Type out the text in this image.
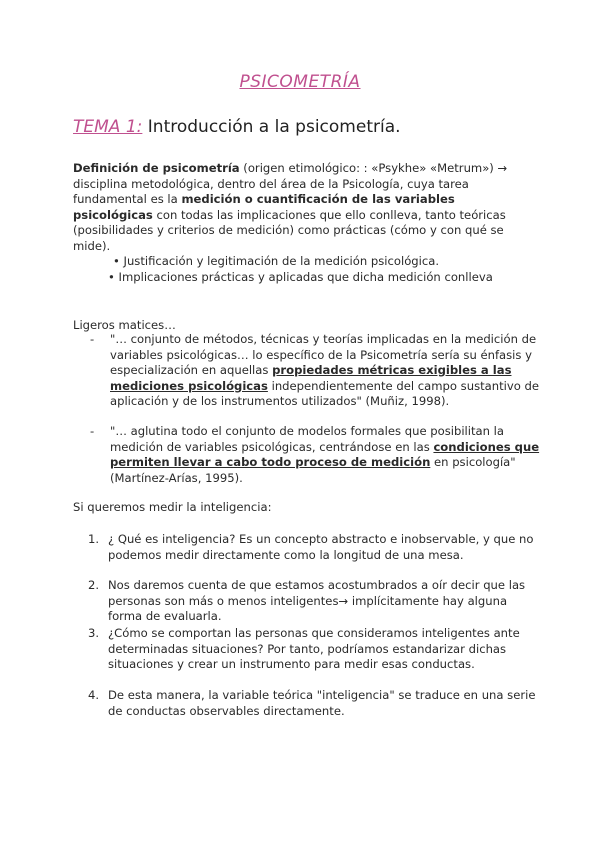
PSICOMETRÍA
TEMA 1: Introducción a la psicometría.
Definición de psicometría (origen etimológico: : «Psykhe» «Metrum») → disciplina metodológica, dentro del área de la Psicología, cuya tarea fundamental es la medición o cuantificación de las variables psicológicas con todas las implicaciones que ello conlleva, tanto teóricas (posibilidades y criterios de medición) como prácticas (cómo y con qué se mide).
• Justificación y legitimación de la medición psicológica.
• Implicaciones prácticas y aplicadas que dicha medición conlleva
Ligeros matices…
- "… conjunto de métodos, técnicas y teorías implicadas en la medición de variables psicológicas… lo específico de la Psicometría sería su énfasis y especialización en aquellas propiedades métricas exigibles a las mediciones psicológicas independientemente del campo sustantivo de aplicación y de los instrumentos utilizados" (Muñiz, 1998).
- "… aglutina todo el conjunto de modelos formales que posibilitan la medición de variables psicológicas, centrándose en las condiciones que permiten llevar a cabo todo proceso de medición en psicología" (Martínez-Arías, 1995).
Si queremos medir la inteligencia:
1. ¿ Qué es inteligencia? Es un concepto abstracto e inobservable, y que no podemos medir directamente como la longitud de una mesa.
2. Nos daremos cuenta de que estamos acostumbrados a oír decir que las personas son más o menos inteligentes→ implícitamente hay alguna forma de evaluarla.
3. ¿Cómo se comportan las personas que consideramos inteligentes ante determinadas situaciones? Por tanto, podríamos estandarizar dichas situaciones y crear un instrumento para medir esas conductas.
4. De esta manera, la variable teórica "inteligencia" se traduce en una serie de conductas observables directamente.
